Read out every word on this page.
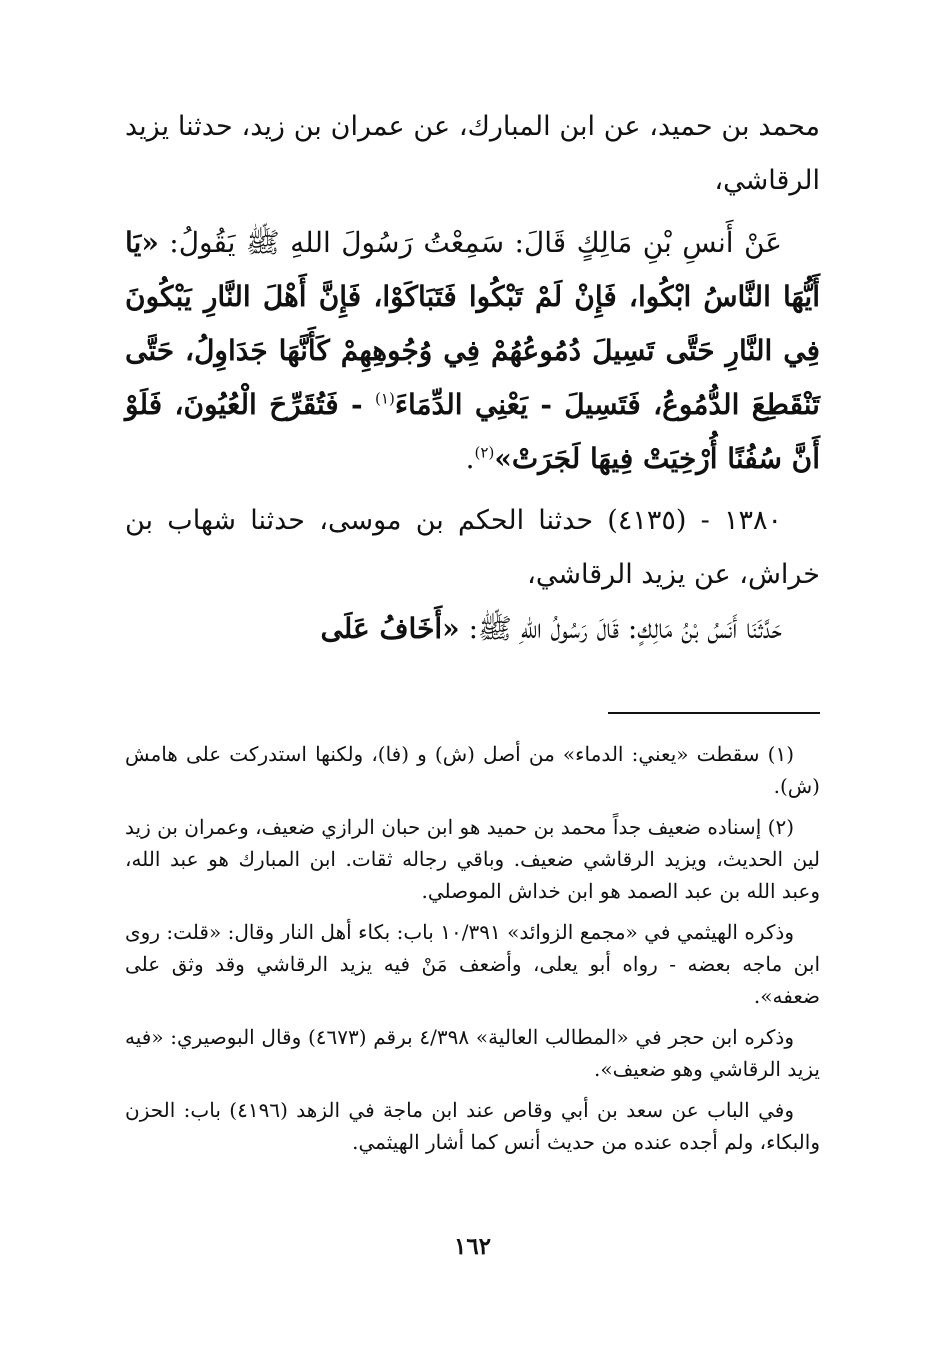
محمد بن حميد، عن ابن المبارك، عن عمران بن زيد، حدثنا يزيد الرقاشي،

عَنْ أَنسِ بْنِ مَالِكٍ قَالَ: سَمِعْتُ رَسُولَ اللهِ ﷺ يَقُولُ: «يَا أَيُّهَا النَّاسُ ابْكُوا، فَإِنْ لَمْ تَبْكُوا فَتَبَاكَوْا، فَإِنَّ أَهْلَ النَّارِ يَبْكُونَ فِي النَّارِ حَتَّى تَسِيلَ دُمُوعُهُمْ فِي وُجُوهِهِمْ كَأَنَّهَا جَدَاوِلُ، حَتَّى تَنْقَطِعَ الدُّمُوعُ، فَتَسِيلَ - يَعْنِي الدِّمَاءَ$^{(١)}$ - فَتُقَرِّحَ الْعُيُونَ، فَلَوْ أَنَّ سُفُنًا أُرْخِيَتْ فِيهَا لَجَرَتْ»$^{(٢)}$.

١٣٨٠ - (٤١٣٥) حدثنا الحكم بن موسى، حدثنا شهاب بن خراش، عن يزيد الرقاشي،

حَدَّثَنَا أَنَسُ بْنُ مَالِكٍ: قَالَ رَسُولُ اللهِ ﷺ: «أَخَافُ عَلَى

(١) سقطت «يعني: الدماء» من أصل (ش) و (فا)، ولكنها استدركت على هامش (ش).

(٢) إسناده ضعيف جداً محمد بن حميد هو ابن حبان الرازي ضعيف، وعمران بن زيد لين الحديث، ويزيد الرقاشي ضعيف. وباقي رجاله ثقات. ابن المبارك هو عبد الله، وعبد الله بن عبد الصمد هو ابن خداش الموصلي.

وذكره الهيثمي في «مجمع الزوائد» ١٠/٣٩١ باب: بكاء أهل النار وقال: «قلت: روى ابن ماجه بعضه - رواه أبو يعلى، وأضعف مَنْ فيه يزيد الرقاشي وقد وثق على ضعفه».

وذكره ابن حجر في «المطالب العالية» ٤/٣٩٨ برقم (٤٦٧٣) وقال البوصيري: «فيه يزيد الرقاشي وهو ضعيف».

وفي الباب عن سعد بن أبي وقاص عند ابن ماجة في الزهد (٤١٩٦) باب: الحزن والبكاء، ولم أجده عنده من حديث أنس كما أشار الهيثمي.

١٦٢
